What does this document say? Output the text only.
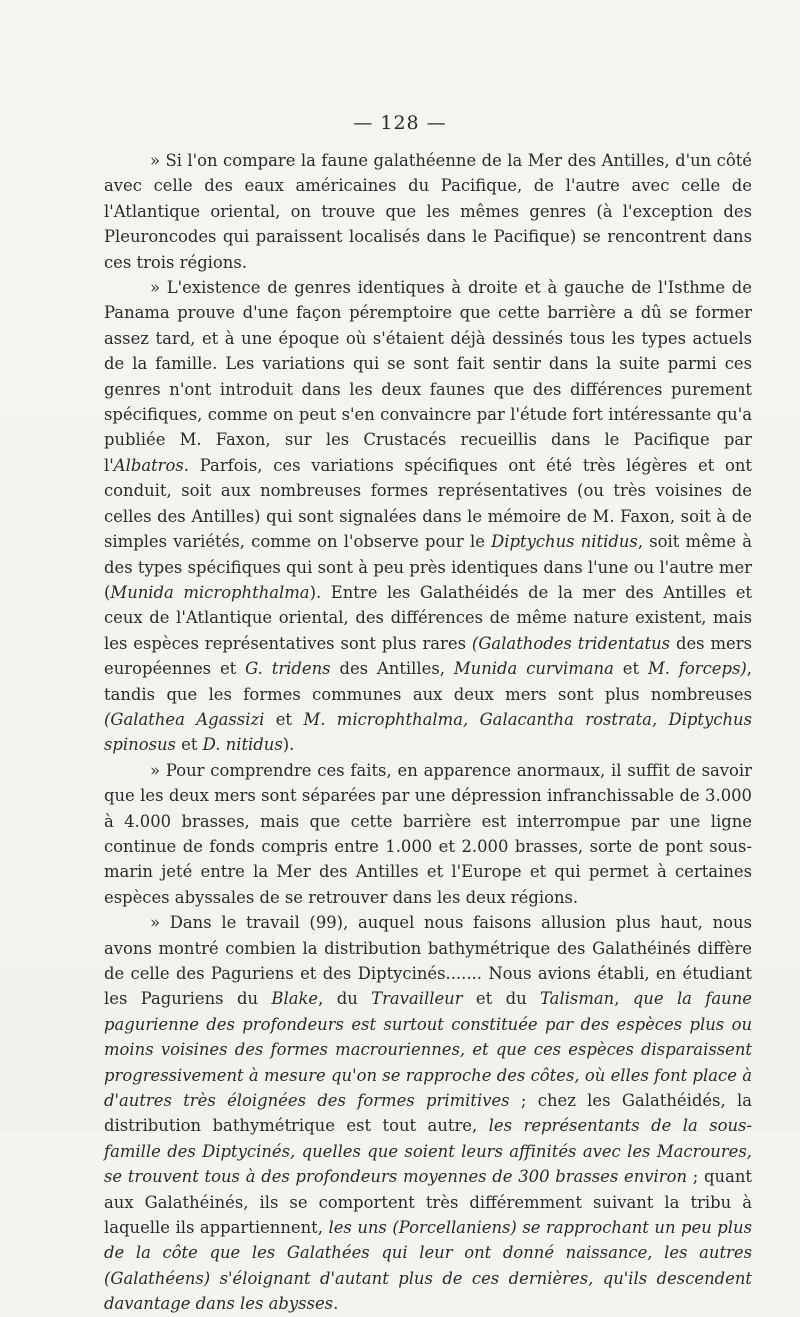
— 128 —

» Si l'on compare la faune galathéenne de la Mer des Antilles, d'un côté avec celle des eaux américaines du Pacifique, de l'autre avec celle de l'Atlantique oriental, on trouve que les mêmes genres (à l'exception des Pleuroncodes qui paraissent localisés dans le Pacifique) se rencontrent dans ces trois régions.

» L'existence de genres identiques à droite et à gauche de l'Isthme de Panama prouve d'une façon péremptoire que cette barrière a dû se former assez tard, et à une époque où s'étaient déjà dessinés tous les types actuels de la famille. Les variations qui se sont fait sentir dans la suite parmi ces genres n'ont introduit dans les deux faunes que des différences purement spécifiques, comme on peut s'en convaincre par l'étude fort intéressante qu'a publiée M. Faxon, sur les Crustacés recueillis dans le Pacifique par l'Albatros. Parfois, ces variations spécifiques ont été très légères et ont conduit, soit aux nombreuses formes représentatives (ou très voisines de celles des Antilles) qui sont signalées dans le mémoire de M. Faxon, soit à de simples variétés, comme on l'observe pour le Diptychus nitidus, soit même à des types spécifiques qui sont à peu près identiques dans l'une ou l'autre mer (Munida microphthalma). Entre les Galathéidés de la mer des Antilles et ceux de l'Atlantique oriental, des différences de même nature existent, mais les espèces représentatives sont plus rares (Galathodes tridentatus des mers européennes et G. tridens des Antilles, Munida curvimana et M. forceps), tandis que les formes communes aux deux mers sont plus nombreuses (Galathea Agassizi et M. microphthalma, Galacantha rostrata, Diptychus spinosus et D. nitidus).

» Pour comprendre ces faits, en apparence anormaux, il suffit de savoir que les deux mers sont séparées par une dépression infranchissable de 3.000 à 4.000 brasses, mais que cette barrière est interrompue par une ligne continue de fonds compris entre 1.000 et 2.000 brasses, sorte de pont sous-marin jeté entre la Mer des Antilles et l'Europe et qui permet à certaines espèces abyssales de se retrouver dans les deux régions.

» Dans le travail (99), auquel nous faisons allusion plus haut, nous avons montré combien la distribution bathymétrique des Galathéinés diffère de celle des Paguriens et des Diptycinés....... Nous avions établi, en étudiant les Paguriens du Blake, du Travailleur et du Talisman, que la faune pagurienne des profondeurs est surtout constituée par des espèces plus ou moins voisines des formes macrouriennes, et que ces espèces disparaissent progressivement à mesure qu'on se rapproche des côtes, où elles font place à d'autres très éloignées des formes primitives ; chez les Galathéidés, la distribution bathymétrique est tout autre, les représentants de la sous-famille des Diptycinés, quelles que soient leurs affinités avec les Macroures, se trouvent tous à des profondeurs moyennes de 300 brasses environ ; quant aux Galathéinés, ils se comportent très différemment suivant la tribu à laquelle ils appartiennent, les uns (Porcellaniens) se rapprochant un peu plus de la côte que les Galathées qui leur ont donné naissance, les autres (Galathéens) s'éloignant d'autant plus de ces dernières, qu'ils descendent davantage dans les abysses.
